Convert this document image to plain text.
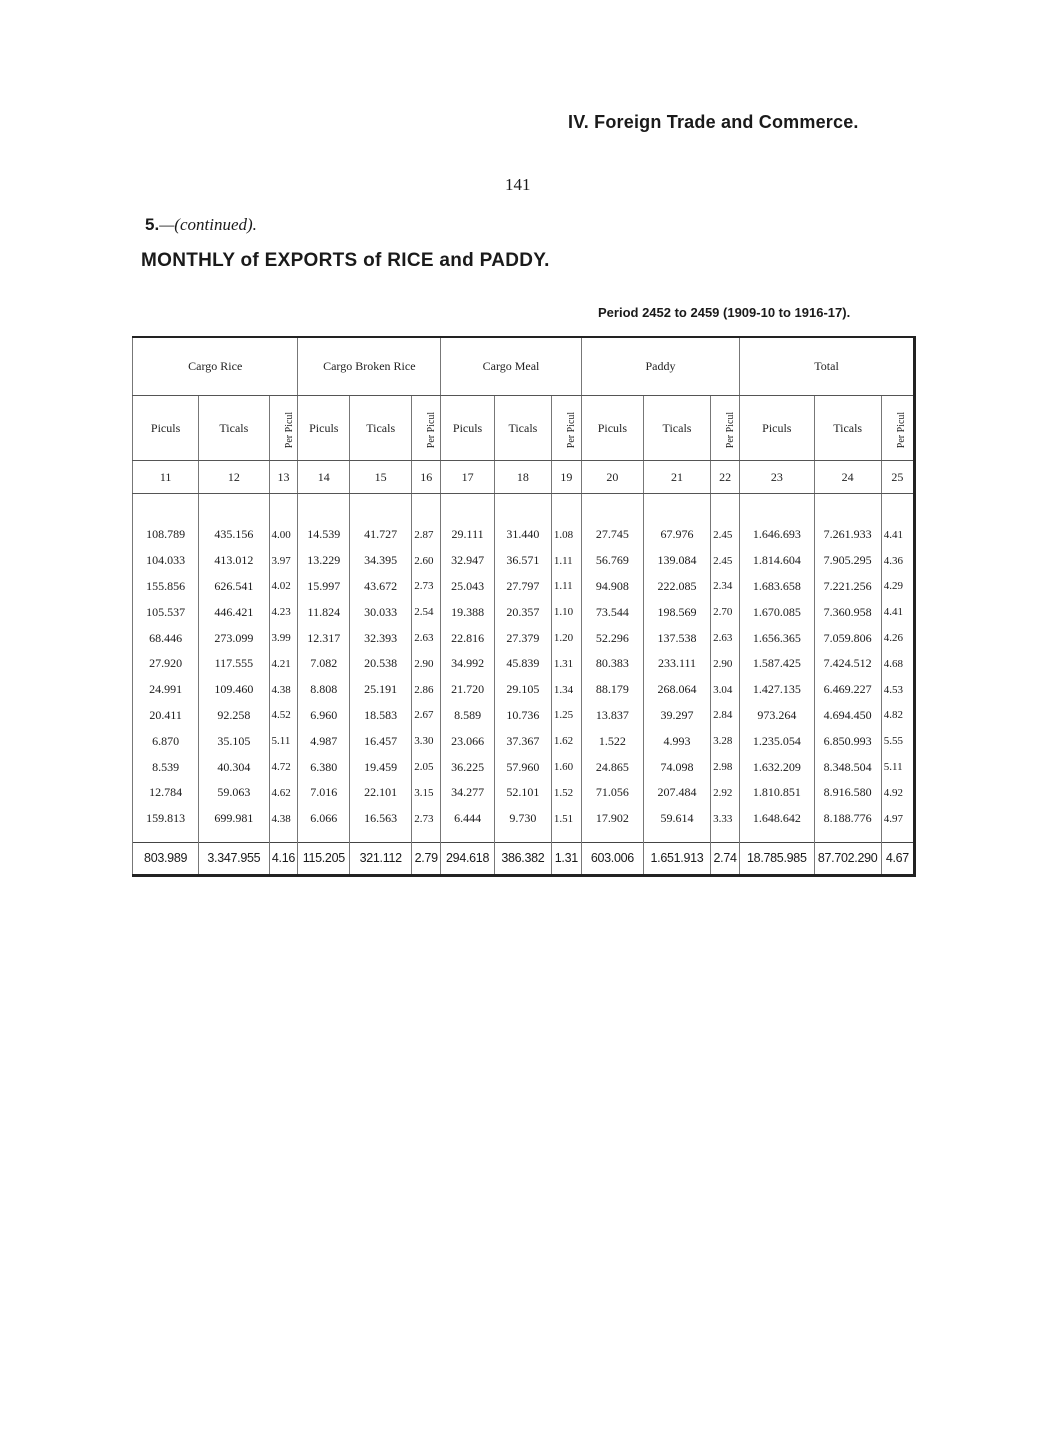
IV. Foreign Trade and Commerce.
141
5.—(continued).
MONTHLY of EXPORTS of RICE and PADDY.
Period 2452 to 2459 (1909-10 to 1916-17).
Cargo Rice			Cargo Broken Rice			Cargo Meal			Paddy			Total		
Piculs	Ticals	Per Picul	Piculs	Ticals	Per Picul	Piculs	Ticals	Per Picul	Piculs	Ticals	Per Picul	Piculs	Ticals	Per Picul
11	12	13	14	15	16	17	18	19	20	21	22	23	24	25

108.789	435.156	4.00	14.539	41.727	2.87	29.111	31.440	1.08	27.745	67.976	2.45	1.646.693	7.261.933	4.41
104.033	413.012	3.97	13.229	34.395	2.60	32.947	36.571	1.11	56.769	139.084	2.45	1.814.604	7.905.295	4.36
155.856	626.541	4.02	15.997	43.672	2.73	25.043	27.797	1.11	94.908	222.085	2.34	1.683.658	7.221.256	4.29
105.537	446.421	4.23	11.824	30.033	2.54	19.388	20.357	1.10	73.544	198.569	2.70	1.670.085	7.360.958	4.41
68.446	273.099	3.99	12.317	32.393	2.63	22.816	27.379	1.20	52.296	137.538	2.63	1.656.365	7.059.806	4.26
27.920	117.555	4.21	7.082	20.538	2.90	34.992	45.839	1.31	80.383	233.111	2.90	1.587.425	7.424.512	4.68
24.991	109.460	4.38	8.808	25.191	2.86	21.720	29.105	1.34	88.179	268.064	3.04	1.427.135	6.469.227	4.53
20.411	92.258	4.52	6.960	18.583	2.67	8.589	10.736	1.25	13.837	39.297	2.84	973.264	4.694.450	4.82
6.870	35.105	5.11	4.987	16.457	3.30	23.066	37.367	1.62	1.522	4.993	3.28	1.235.054	6.850.993	5.55
8.539	40.304	4.72	6.380	19.459	2.05	36.225	57.960	1.60	24.865	74.098	2.98	1.632.209	8.348.504	5.11
12.784	59.063	4.62	7.016	22.101	3.15	34.277	52.101	1.52	71.056	207.484	2.92	1.810.851	8.916.580	4.92
159.813	699.981	4.38	6.066	16.563	2.73	6.444	9.730	1.51	17.902	59.614	3.33	1.648.642	8.188.776	4.97

803.989	3.347.955	4.16	115.205	321.112	2.79	294.618	386.382	1.31	603.006	1.651.913	2.74	18.785.985	87.702.290	4.67
